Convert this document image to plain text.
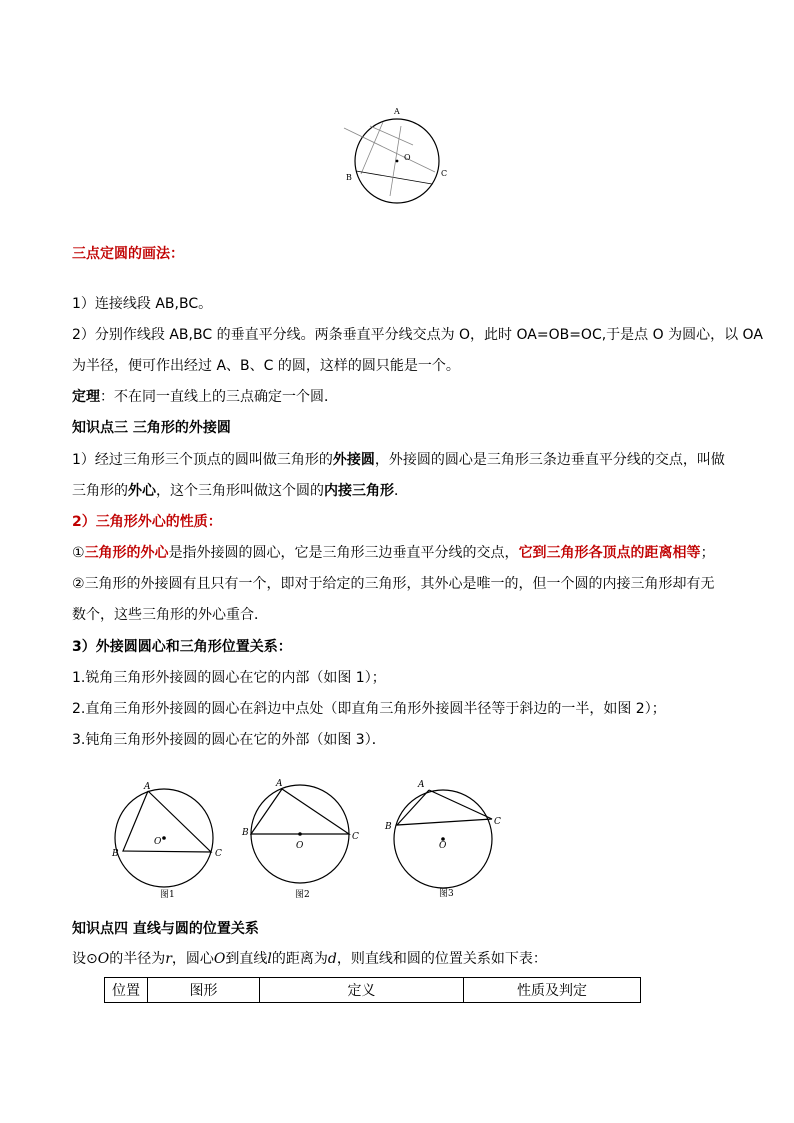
A
O
B	C
三点定圆的画法：
1）连接线段 AB,BC。
2）分别作线段 AB,BC 的垂直平分线。两条垂直平分线交点为 O，此时 OA=OB=OC,于是点 O 为圆心，以 OA
为半径，便可作出经过 A、B、C 的圆，这样的圆只能是一个。
定理：不在同一直线上的三点确定一个圆．
知识点三 三角形的外接圆
1）经过三角形三个顶点的圆叫做三角形的外接圆，外接圆的圆心是三角形三条边垂直平分线的交点，叫做
三角形的外心，这个三角形叫做这个圆的内接三角形．
2）三角形外心的性质：
①三角形的外心是指外接圆的圆心，它是三角形三边垂直平分线的交点，它到三角形各顶点的距离相等；
②三角形的外接圆有且只有一个，即对于给定的三角形，其外心是唯一的，但一个圆的内接三角形却有无
数个，这些三角形的外心重合．
3）外接圆圆心和三角形位置关系：
1.锐角三角形外接圆的圆心在它的内部（如图 1）；
2.直角三角形外接圆的圆心在斜边中点处（即直角三角形外接圆半径等于斜边的一半，如图 2）；
3.钝角三角形外接圆的圆心在它的外部（如图 3）．
A
B	C
O
图1
A
B	C
O
图2
A
B	C
O
图3
知识点四 直线与圆的位置关系
设⊙O的半径为r，圆心O到直线l的距离为d，则直线和圆的位置关系如下表：
位置	图形	定义	性质及判定
